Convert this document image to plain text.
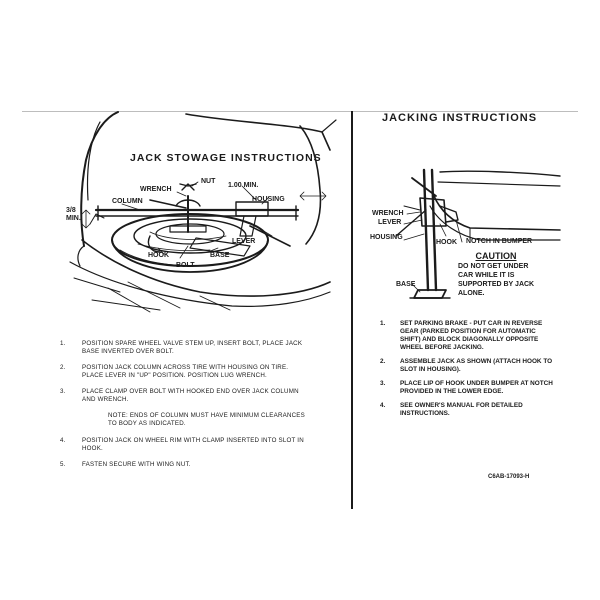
JACK STOWAGE INSTRUCTIONS
NUT
WRENCH
1.00 MIN.
COLUMN	HOUSING
3/8
MIN.
LEVER
HOOK	BASE
BOLT
1.	POSITION SPARE WHEEL VALVE STEM UP, INSERT BOLT, PLACE JACK BASE INVERTED OVER BOLT.
2.	POSITION JACK COLUMN ACROSS TIRE WITH HOUSING ON TIRE. PLACE LEVER IN "UP" POSITION. POSITION LUG WRENCH.
3.	PLACE CLAMP OVER BOLT WITH HOOKED END OVER JACK COLUMN AND WRENCH.
NOTE: ENDS OF COLUMN MUST HAVE MINIMUM CLEARANCES TO BODY AS INDICATED.
4.	POSITION JACK ON WHEEL RIM WITH CLAMP INSERTED INTO SLOT IN HOOK.
5.	FASTEN SECURE WITH WING NUT.
JACKING INSTRUCTIONS
WRENCH
LEVER
HOUSING
HOOK NOTCH IN BUMPER
BASE
CAUTION
DO NOT GET UNDER
CAR WHILE IT IS
SUPPORTED BY JACK
ALONE.
1. SET PARKING BRAKE - PUT CAR IN REVERSE GEAR (PARKED POSITION FOR AUTOMATIC SHIFT) AND BLOCK DIAGONALLY OPPOSITE WHEEL BEFORE JACKING.
2. ASSEMBLE JACK AS SHOWN (ATTACH HOOK TO SLOT IN HOUSING).
3. PLACE LIP OF HOOK UNDER BUMPER AT NOTCH PROVIDED IN THE LOWER EDGE.
4. SEE OWNER'S MANUAL FOR DETAILED INSTRUCTIONS.
C6AB-17093-H
